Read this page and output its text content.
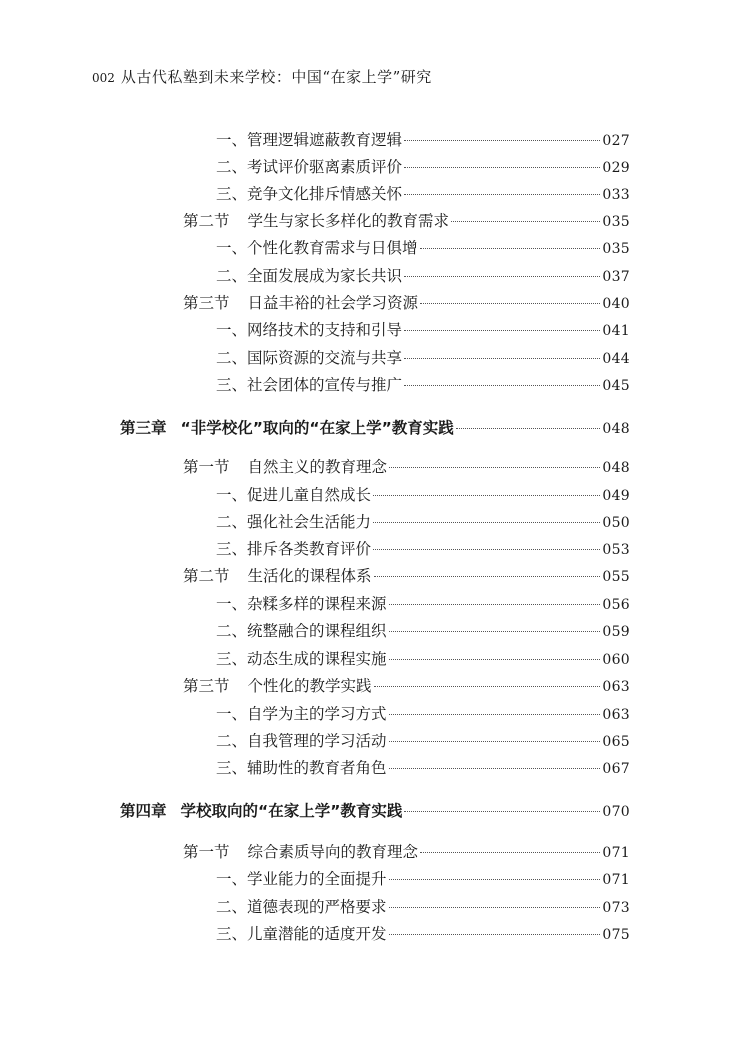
002 从古代私塾到未来学校：中国“在家上学”研究
一、管理逻辑遮蔽教育逻辑	027
二、考试评价驱离素质评价	029
三、竞争文化排斥情感关怀	033
第二节 学生与家长多样化的教育需求	035
一、个性化教育需求与日俱增	035
二、全面发展成为家长共识	037
第三节 日益丰裕的社会学习资源	040
一、网络技术的支持和引导	041
二、国际资源的交流与共享	044
三、社会团体的宣传与推广	045
第三章 “非学校化”取向的“在家上学”教育实践	048
第一节 自然主义的教育理念	048
一、促进儿童自然成长	049
二、强化社会生活能力	050
三、排斥各类教育评价	053
第二节 生活化的课程体系	055
一、杂糅多样的课程来源	056
二、统整融合的课程组织	059
三、动态生成的课程实施	060
第三节 个性化的教学实践	063
一、自学为主的学习方式	063
二、自我管理的学习活动	065
三、辅助性的教育者角色	067
第四章 学校取向的“在家上学”教育实践	070
第一节 综合素质导向的教育理念	071
一、学业能力的全面提升	071
二、道德表现的严格要求	073
三、儿童潜能的适度开发	075
